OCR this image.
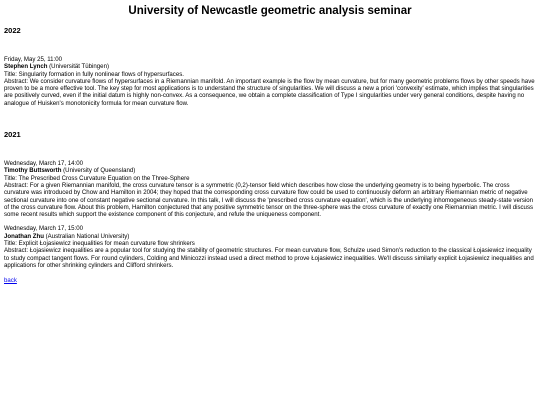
University of Newcastle geometric analysis seminar
2022
Friday, May 25, 11:00
Stephen Lynch (Universität Tübingen)
Title: Singularity formation in fully nonlinear flows of hypersurfaces.
Abstract: We consider curvature flows of hypersurfaces in a Riemannian manifold. An important example is the flow by mean curvature, but for many geometric problems flows by other speeds have proven to be a more effective tool. The key step for most applications is to understand the structure of singularities. We will discuss a new a priori 'convexity' estimate, which implies that singularities are positively curved, even if the initial datum is highly non-convex. As a consequence, we obtain a complete classification of Type I singularities under very general conditions, despite having no analogue of Huisken's monotonicity formula for mean curvature flow.
2021
Wednesday, March 17, 14:00
Timothy Buttsworth (University of Queensland)
Title: The Prescribed Cross Curvature Equation on the Three-Sphere
Abstract: For a given Riemannian manifold, the cross curvature tensor is a symmetric (0,2)-tensor field which describes how close the underlying geometry is to being hyperbolic. The cross curvature was introduced by Chow and Hamilton in 2004; they hoped that the corresponding cross curvature flow could be used to continuously deform an arbitrary Riemannian metric of negative sectional curvature into one of constant negative sectional curvature. In this talk, I will discuss the 'prescribed cross curvature equation', which is the underlying inhomogeneous steady-state version of the cross curvature flow. About this problem, Hamilton conjectured that any positive symmetric tensor on the three-sphere was the cross curvature of exactly one Riemannian metric. I will discuss some recent results which support the existence component of this conjecture, and refute the uniqueness component.
Wednesday, March 17, 15:00
Jonathan Zhu (Australian National University)
Title: Explicit Łojasiewicz inequalities for mean curvature flow shrinkers
Abstract: Łojasiewicz inequalities are a popular tool for studying the stability of geometric structures. For mean curvature flow, Schulze used Simon's reduction to the classical Łojasiewicz inequality to study compact tangent flows. For round cylinders, Colding and Minicozzi instead used a direct method to prove Łojasiewicz inequalities. We'll discuss similarly explicit Łojasiewicz inequalities and applications for other shrinking cylinders and Clifford shrinkers.
back
